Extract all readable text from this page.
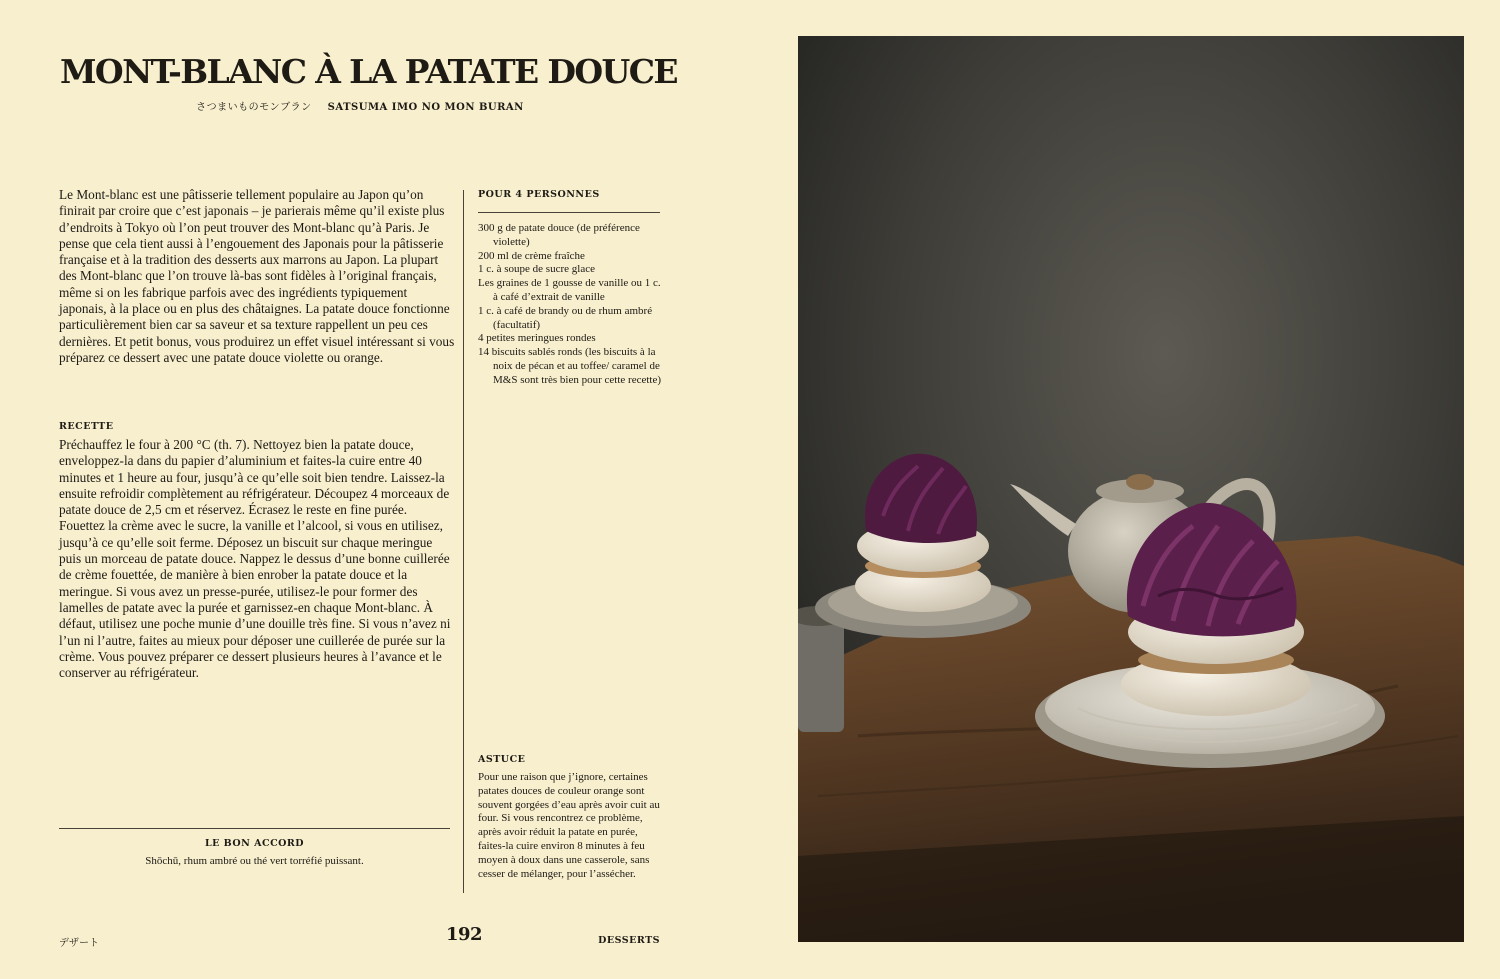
MONT-BLANC À LA PATATE DOUCE
さつまいものモンブラン SATSUMA IMO NO MON BURAN

Le Mont-blanc est une pâtisserie tellement populaire au Japon qu’on finirait par croire que c’est japonais – je parierais même qu’il existe plus d’endroits à Tokyo où l’on peut trouver des Mont-blanc qu’à Paris. Je pense que cela tient aussi à l’engouement des Japonais pour la pâtisserie française et à la tradition des desserts aux marrons au Japon. La plupart des Mont-blanc que l’on trouve là-bas sont fidèles à l’original français, même si on les fabrique parfois avec des ingrédients typiquement japonais, à la place ou en plus des châtaignes. La patate douce fonctionne particulièrement bien car sa saveur et sa texture rappellent un peu ces dernières. Et petit bonus, vous produirez un effet visuel intéressant si vous préparez ce dessert avec une patate douce violette ou orange.

RECETTE

Préchauffez le four à 200 °C (th. 7). Nettoyez bien la patate douce, enveloppez-la dans du papier d’aluminium et faites-la cuire entre 40 minutes et 1 heure au four, jusqu’à ce qu’elle soit bien tendre. Laissez-la ensuite refroidir complètement au réfrigérateur. Découpez 4 morceaux de patate douce de 2,5 cm et réservez. Écrasez le reste en fine purée. Fouettez la crème avec le sucre, la vanille et l’alcool, si vous en utilisez, jusqu’à ce qu’elle soit ferme. Déposez un biscuit sur chaque meringue puis un morceau de patate douce. Nappez le dessus d’une bonne cuillerée de crème fouettée, de manière à bien enrober la patate douce et la meringue. Si vous avez un presse-purée, utilisez-le pour former des lamelles de patate avec la purée et garnissez-en chaque Mont-blanc. À défaut, utilisez une poche munie d’une douille très fine. Si vous n’avez ni l’un ni l’autre, faites au mieux pour déposer une cuillerée de purée sur la crème. Vous pouvez préparer ce dessert plusieurs heures à l’avance et le conserver au réfrigérateur.

POUR 4 PERSONNES
300 g de patate douce (de préférence violette)
200 ml de crème fraîche
1 c. à soupe de sucre glace
Les graines de 1 gousse de vanille ou 1 c. à café d’extrait de vanille
1 c. à café de brandy ou de rhum ambré (facultatif)
4 petites meringues rondes
14 biscuits sablés ronds (les biscuits à la noix de pécan et au toffee/ caramel de M&S sont très bien pour cette recette)
ASTUCE

Pour une raison que j’ignore, certaines patates douces de couleur orange sont souvent gorgées d’eau après avoir cuit au four. Si vous rencontrez ce problème, après avoir réduit la patate en purée, faites-la cuire environ 8 minutes à feu moyen à doux dans une casserole, sans cesser de mélanger, pour l’assécher.

LE BON ACCORD
Shōchū, rhum ambré ou thé vert torréfié puissant.
デザート	192	DESSERTS
